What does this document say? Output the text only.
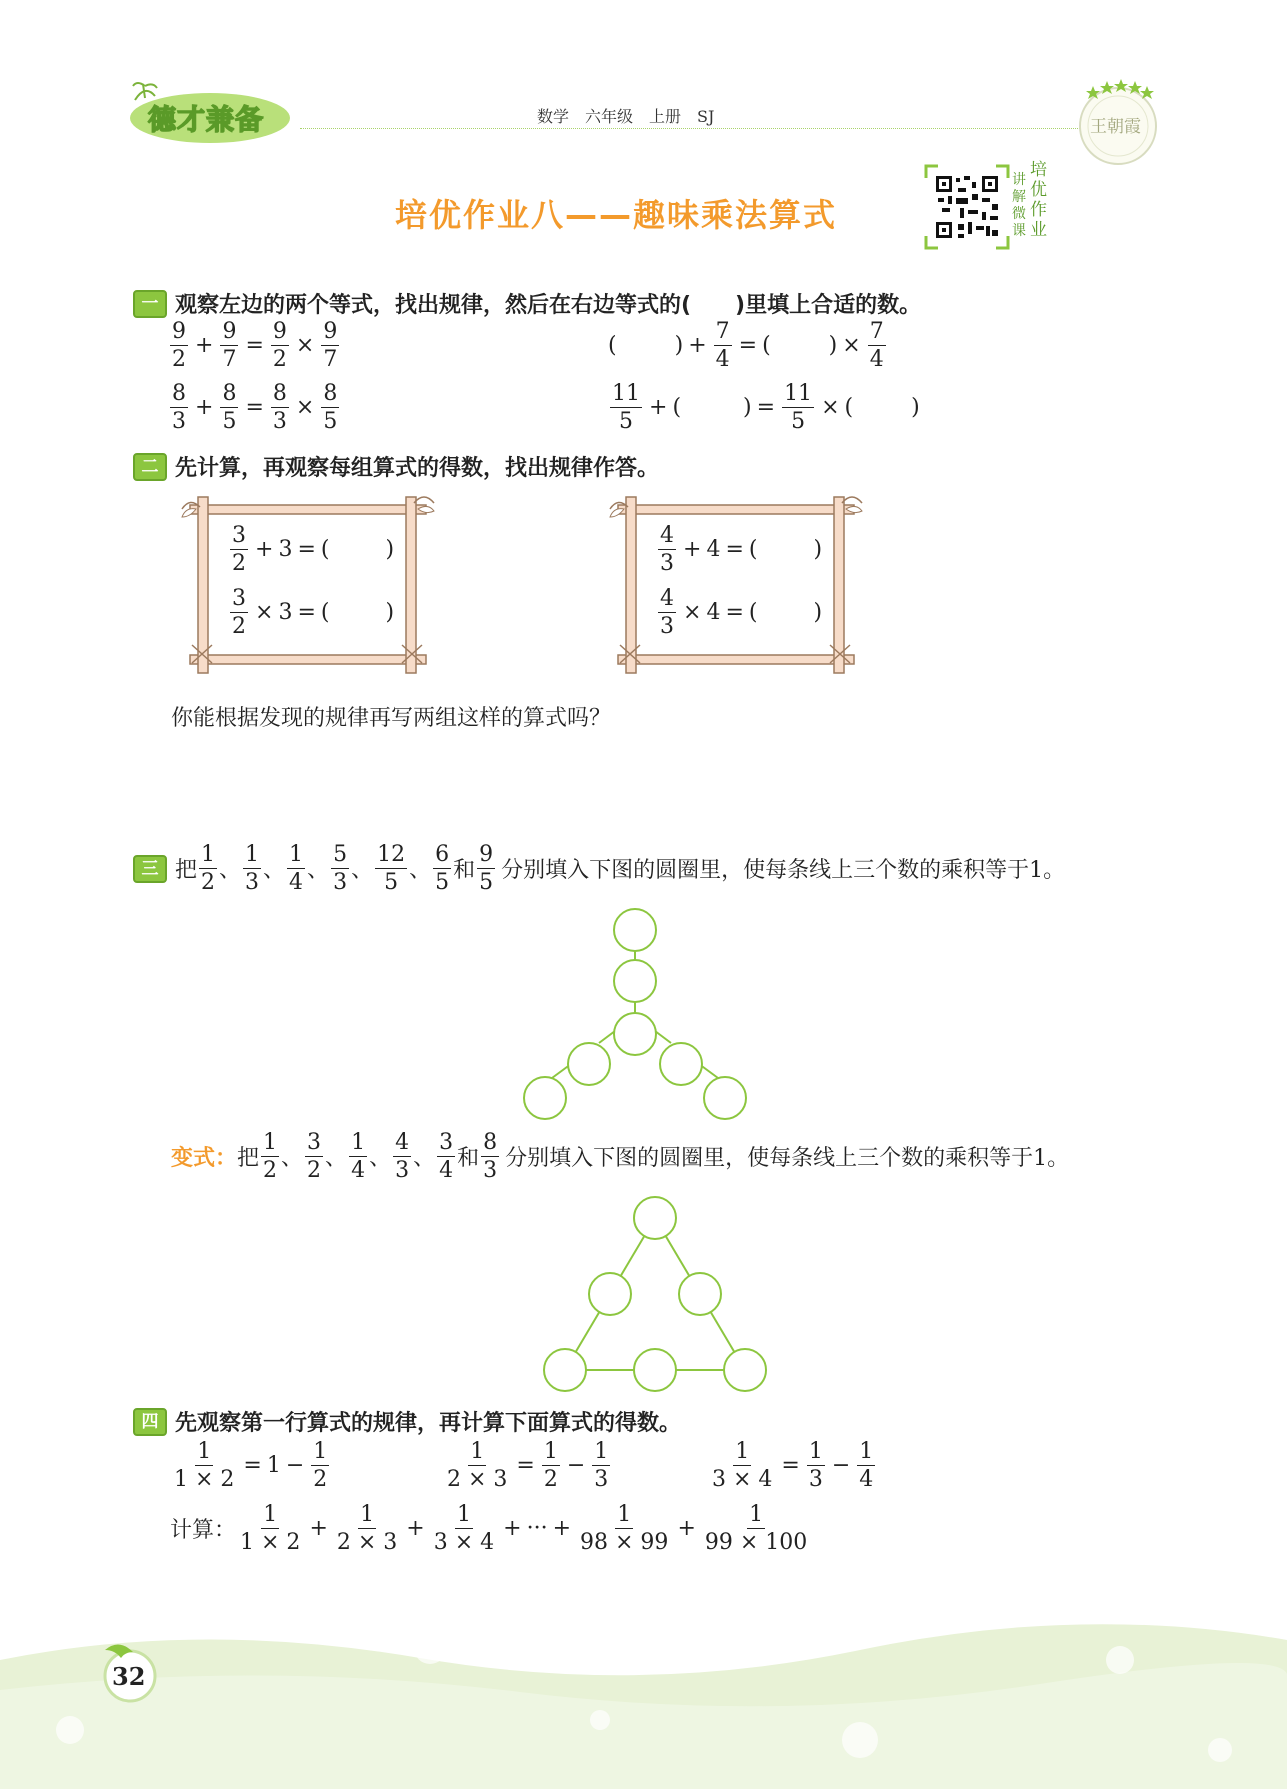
德才兼备	数学　六年级　上册　SJ
王朝霞
培优作业八——趣味乘法算式
培优作业
讲解微课
一 观察左边的两个等式，找出规律，然后在右边等式的(　　)里填上合适的数。
$\frac{9}{2} + \frac{9}{7} = \frac{9}{2} \times \frac{9}{7}$
$\frac{8}{3} + \frac{8}{5} = \frac{8}{3} \times \frac{8}{5}$
(	) + $\frac{7}{4}$ = (	) × $\frac{7}{4}$
$\frac{11}{5}$ + (	) = $\frac{11}{5}$ × (	)
二 先计算，再观察每组算式的得数，找出规律作答。
$\frac{3}{2} + 3$ = (	)
$\frac{3}{2} \times 3$ = (	)
$\frac{4}{3} + 4$ = (	)
$\frac{4}{3} \times 4$ = (	)
你能根据发现的规律再写两组这样的算式吗？
三 把 $\frac{1}{2}$ 、 $\frac{1}{3}$ 、 $\frac{1}{4}$ 、 $\frac{5}{3}$ 、 $\frac{12}{5}$ 、 $\frac{6}{5}$ 和 $\frac{9}{5}$ 分别填入下图的圆圈里，使每条线上三个数的乘积等于1。
变式： 把 $\frac{1}{2}$ 、 $\frac{3}{2}$ 、 $\frac{1}{4}$ 、 $\frac{4}{3}$ 、 $\frac{3}{4}$ 和 $\frac{8}{3}$ 分别填入下图的圆圈里，使每条线上三个数的乘积等于1。
四 先观察第一行算式的规律，再计算下面算式的得数。
$\frac{1}{1 \times 2} = 1 - \frac{1}{2}$	$\frac{1}{2 \times 3} = \frac{1}{2} - \frac{1}{3}$	$\frac{1}{3 \times 4} = \frac{1}{3} - \frac{1}{4}$
计算： $\frac{1}{1 \times 2} + \frac{1}{2 \times 3} + \frac{1}{3 \times 4}$ + ··· + $\frac{1}{98 \times 99} + \frac{1}{99 \times 100}$
32
